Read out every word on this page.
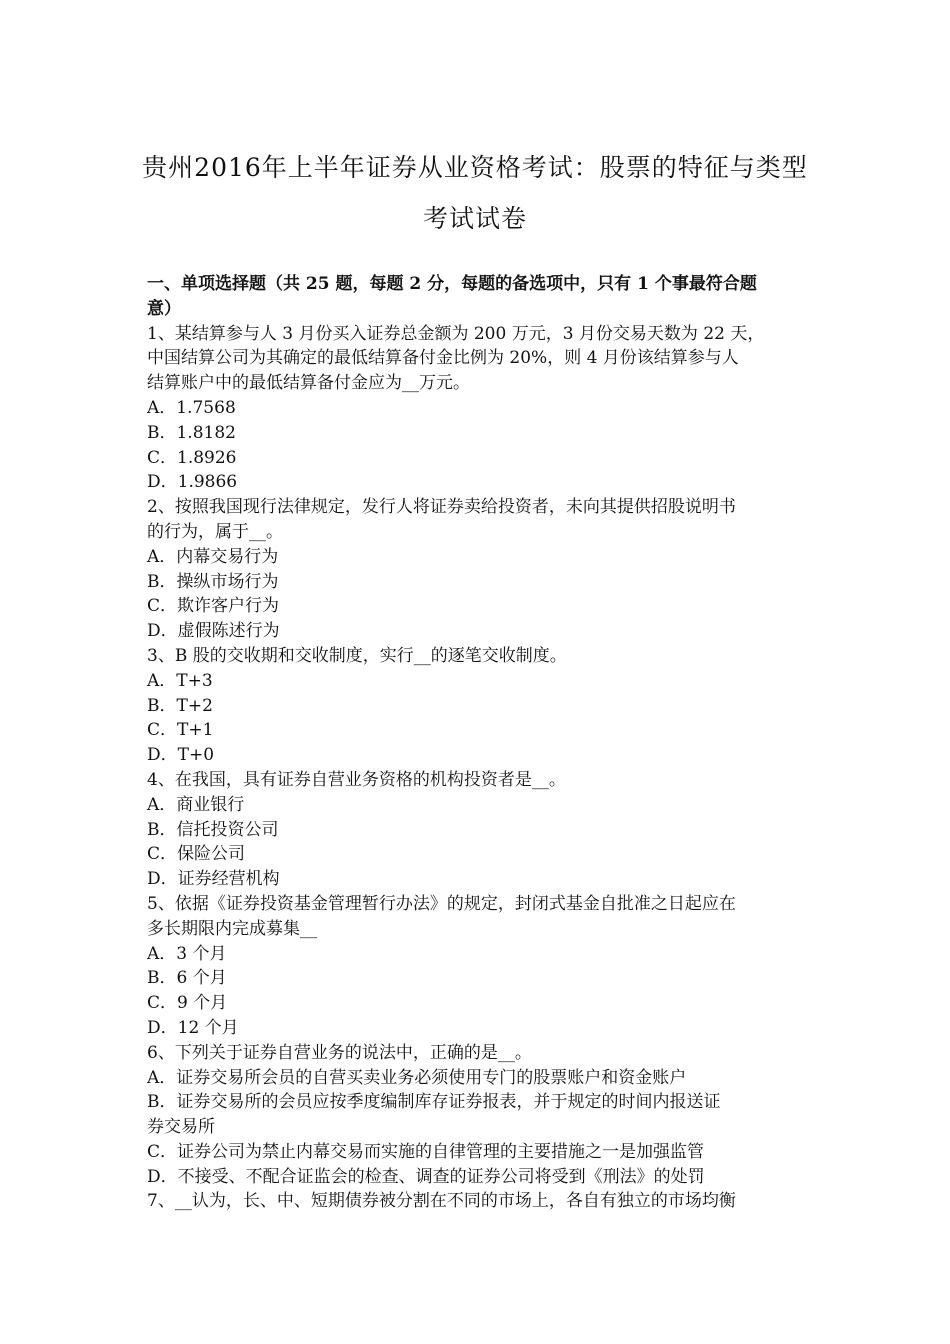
贵州2016年上半年证券从业资格考试：股票的特征与类型
考试试卷
一、单项选择题（共 25 题，每题 2 分，每题的备选项中，只有 1 个事最符合题
意）
1、某结算参与人 3 月份买入证券总金额为 200 万元，3 月份交易天数为 22 天，
中国结算公司为其确定的最低结算备付金比例为 20%，则 4 月份该结算参与人
结算账户中的最低结算备付金应为__万元。
A．1.7568
B．1.8182
C．1.8926
D．1.9866
2、按照我国现行法律规定，发行人将证券卖给投资者，未向其提供招股说明书
的行为，属于__。
A．内幕交易行为
B．操纵市场行为
C．欺诈客户行为
D．虚假陈述行为
3、B 股的交收期和交收制度，实行__的逐笔交收制度。
A．T+3
B．T+2
C．T+1
D．T+0
4、在我国，具有证券自营业务资格的机构投资者是__。
A．商业银行
B．信托投资公司
C．保险公司
D．证券经营机构
5、依据《证券投资基金管理暂行办法》的规定，封闭式基金自批准之日起应在
多长期限内完成募集__
A．3 个月
B．6 个月
C．9 个月
D．12 个月
6、下列关于证券自营业务的说法中，正确的是__。
A．证券交易所会员的自营买卖业务必须使用专门的股票账户和资金账户
B．证券交易所的会员应按季度编制库存证券报表，并于规定的时间内报送证
券交易所
C．证券公司为禁止内幕交易而实施的自律管理的主要措施之一是加强监管
D．不接受、不配合证监会的检查、调查的证券公司将受到《刑法》的处罚
7、__认为，长、中、短期债券被分割在不同的市场上，各自有独立的市场均衡
